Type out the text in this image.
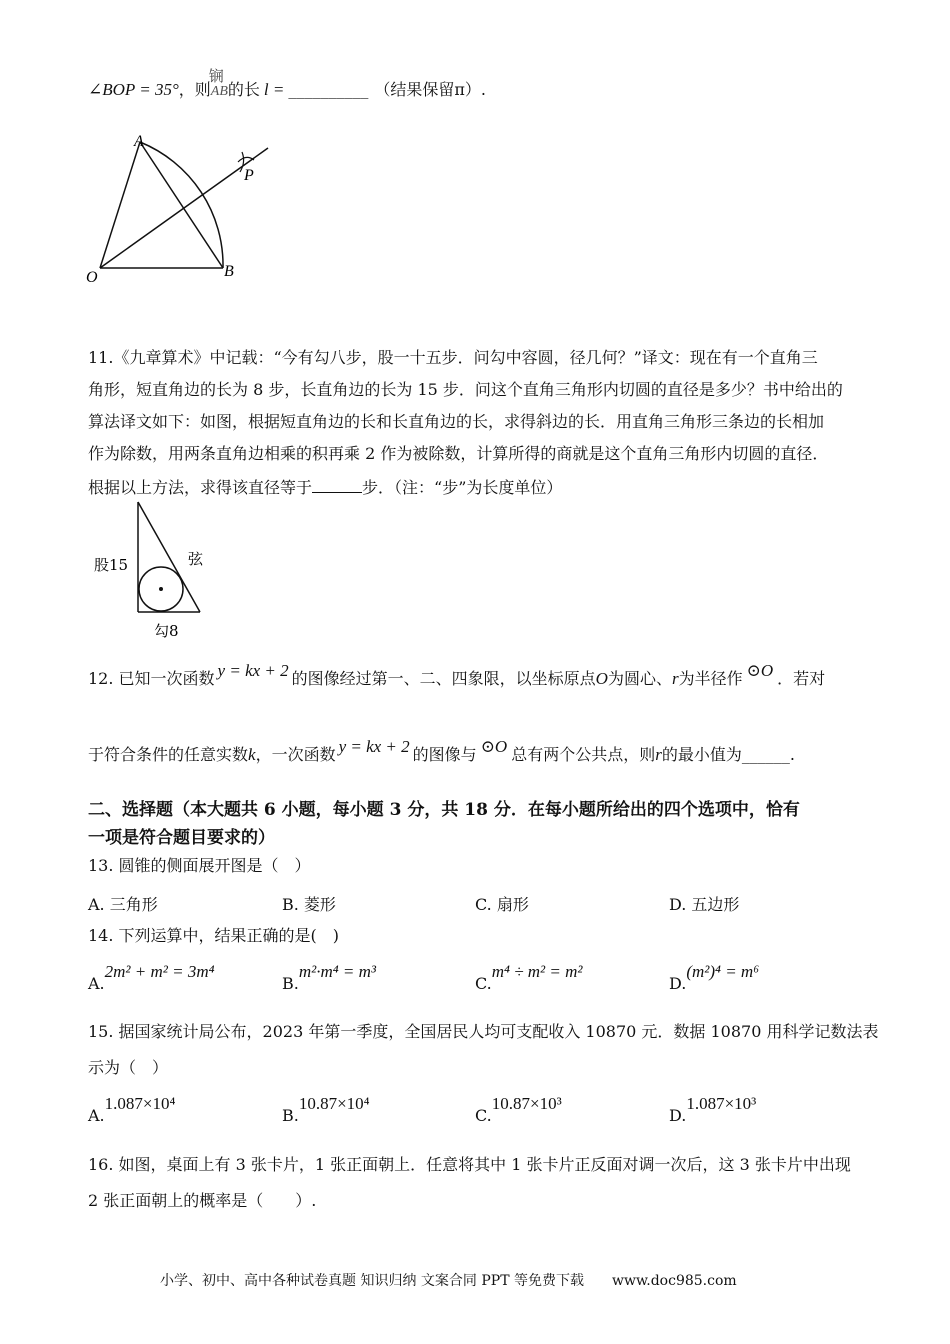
∠BOP = 35°，则AB
锎
的长 l = __________ （结果保留π）.
A
B
O
P
11.《九章算术》中记载：“今有勾八步，股一十五步．问勾中容圆，径几何？”译文：现在有一个直角三
角形，短直角边的长为 8 步，长直角边的长为 15 步．问这个直角三角形内切圆的直径是多少？书中给出的
算法译文如下：如图，根据短直角边的长和长直角边的长，求得斜边的长．用直角三角形三条边的长相加
作为除数，用两条直角边相乘的积再乘 2 作为被除数，计算所得的商就是这个直角三角形内切圆的直径．
根据以上方法，求得该直径等于	步．（注：“步”为长度单位）
股15	弦
勾8
12. 已知一次函数 y = kx + 2 的图像经过第一、二、四象限，以坐标原点O为圆心、r为半径作 ⊙O ．若对
于符合条件的任意实数k，一次函数 y = kx + 2 的图像与 ⊙O 总有两个公共点，则r的最小值为______.
二、选择题（本大题共 6 小题，每小题 3 分，共 18 分．在每小题所给出的四个选项中，恰有
一项是符合题目要求的）
13. 圆锥的侧面展开图是（　）
A. 三角形	B. 菱形	C. 扇形	D. 五边形
14. 下列运算中，结果正确的是(　)
A.2m² + m² = 3m⁴
B.m²·m⁴ = m³
C.m⁴ ÷ m² = m²
D.(m²)⁴ = m⁶
15. 据国家统计局公布，2023 年第一季度，全国居民人均可支配收入 10870 元．数据 10870 用科学记数法表
示为（　）
A.1.087×10⁴
B.10.87×10⁴
C.10.87×10³
D.1.087×10³
16. 如图，桌面上有 3 张卡片，1 张正面朝上．任意将其中 1 张卡片正反面对调一次后，这 3 张卡片中出现
2 张正面朝上的概率是（　　）.
小学、初中、高中各种试卷真题 知识归纳 文案合同 PPT 等免费下载 www.doc985.com
